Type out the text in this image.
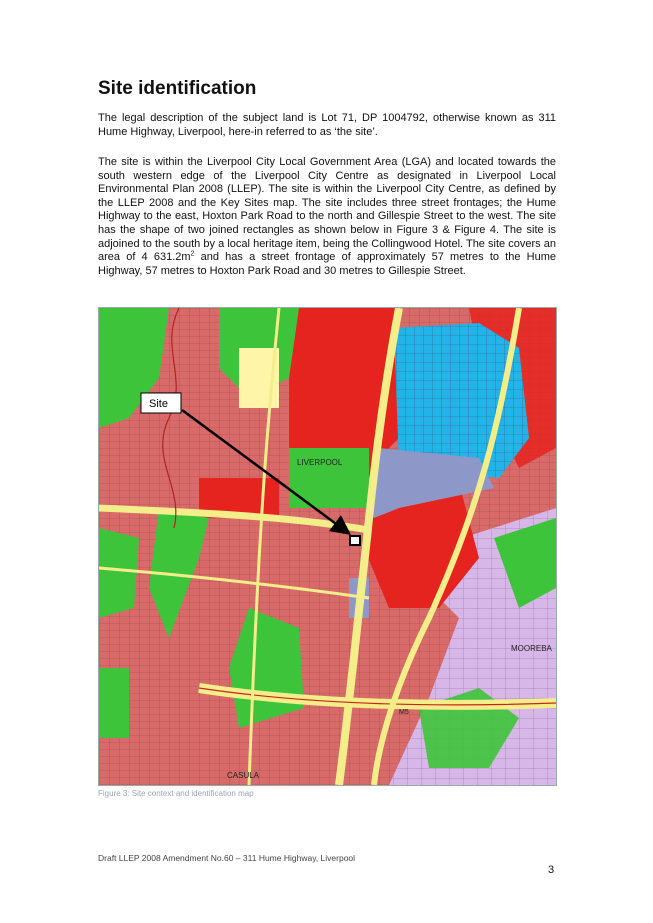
Site identification

The legal description of the subject land is Lot 71, DP 1004792, otherwise known as 311 Hume Highway, Liverpool, here-in referred to as ‘the site’.

The site is within the Liverpool City Local Government Area (LGA) and located towards the south western edge of the Liverpool City Centre as designated in Liverpool Local Environmental Plan 2008 (LLEP). The site is within the Liverpool City Centre, as defined by the LLEP 2008 and the Key Sites map. The site includes three street frontages; the Hume Highway to the east, Hoxton Park Road to the north and Gillespie Street to the west. The site has the shape of two joined rectangles as shown below in Figure 3 & Figure 4. The site is adjoined to the south by a local heritage item, being the Collingwood Hotel. The site covers an area of 4 $631.2m^2$ and has a street frontage of approximately 57 metres to the Hume Highway, 57 metres to Hoxton Park Road and 30 metres to Gillespie Street.

Site
LIVERPOOL
MOOREBA
CASULA
M5
Figure 3: Site context and identification map
Draft LLEP 2008 Amendment No.60 – 311 Hume Highway, Liverpool
3
